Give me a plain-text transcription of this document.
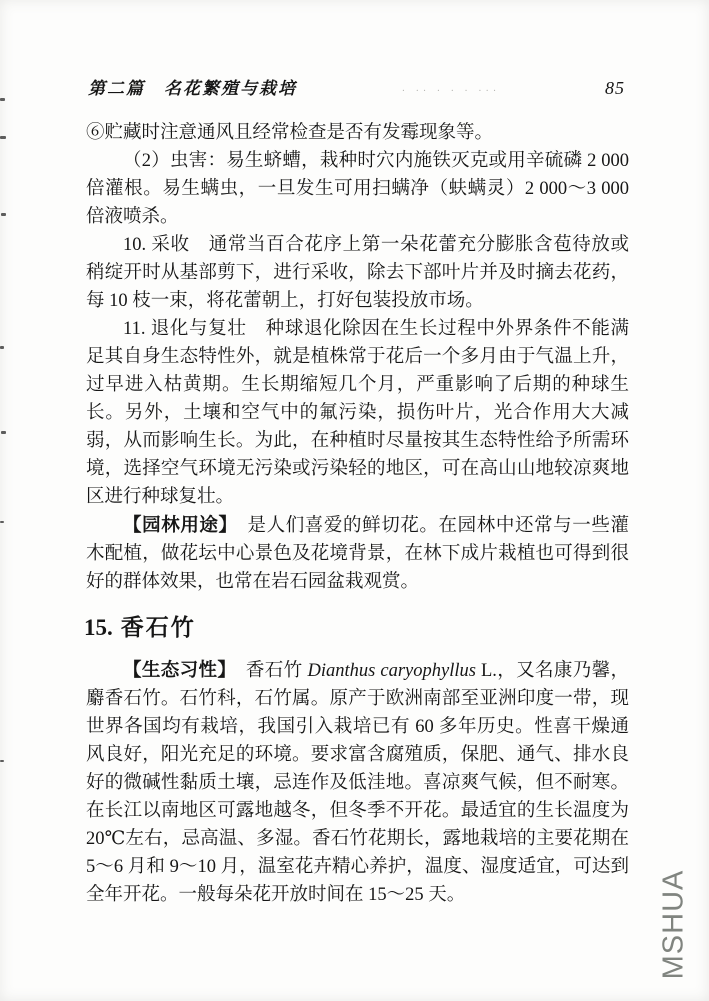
第二篇　名花繁殖与栽培	· ·· · · · ···	85

⑥贮藏时注意通风且经常检查是否有发霉现象等。

（2）虫害：易生蛴螬，栽种时穴内施铁灭克或用辛硫磷 2 000 倍灌根。易生螨虫，一旦发生可用扫螨净（蚨螨灵）2 000～3 000 倍液喷杀。

10. 采收　通常当百合花序上第一朵花蕾充分膨胀含苞待放或稍绽开时从基部剪下，进行采收，除去下部叶片并及时摘去花药，每 10 枝一束，将花蕾朝上，打好包装投放市场。

11. 退化与复壮　种球退化除因在生长过程中外界条件不能满足其自身生态特性外，就是植株常于花后一个多月由于气温上升，过早进入枯黄期。生长期缩短几个月，严重影响了后期的种球生长。另外，土壤和空气中的氟污染，损伤叶片，光合作用大大减弱，从而影响生长。为此，在种植时尽量按其生态特性给予所需环境，选择空气环境无污染或污染轻的地区，可在高山山地较凉爽地区进行种球复壮。

【园林用途】　是人们喜爱的鲜切花。在园林中还常与一些灌木配植，做花坛中心景色及花境背景，在林下成片栽植也可得到很好的群体效果，也常在岩石园盆栽观赏。

15. 香石竹

【生态习性】　香石竹 Dianthus caryophyllus L.，又名康乃馨，麝香石竹。石竹科，石竹属。原产于欧洲南部至亚洲印度一带，现世界各国均有栽培，我国引入栽培已有 60 多年历史。性喜干燥通风良好，阳光充足的环境。要求富含腐殖质，保肥、通气、排水良好的微碱性黏质土壤，忌连作及低洼地。喜凉爽气候，但不耐寒。在长江以南地区可露地越冬，但冬季不开花。最适宜的生长温度为 20℃左右，忌高温、多湿。香石竹花期长，露地栽培的主要花期在 5～6 月和 9～10 月，温室花卉精心养护，温度、湿度适宜，可达到全年开花。一般每朵花开放时间在 15～25 天。	MSHUA
